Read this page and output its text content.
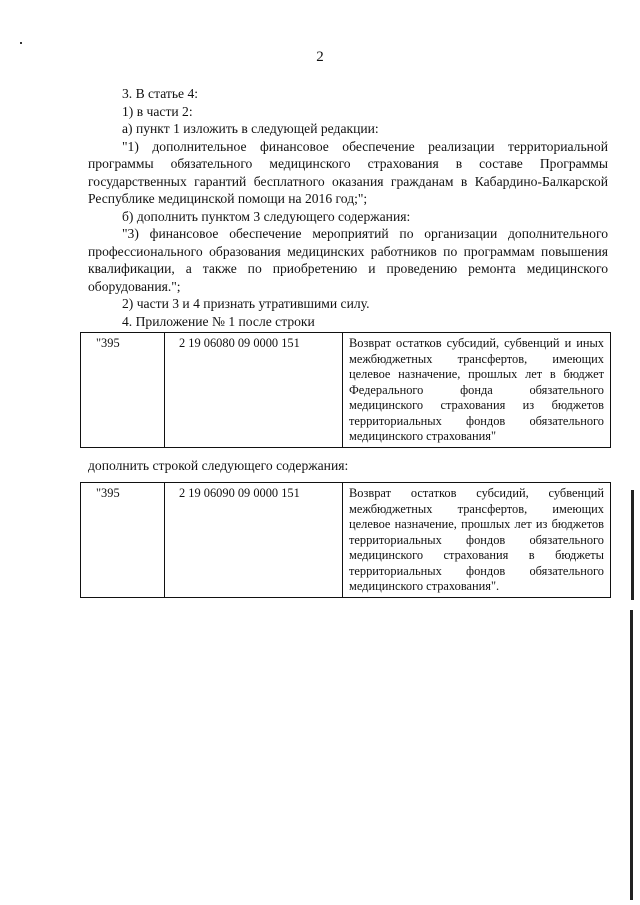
2

3. В статье 4:

1) в части 2:

а) пункт 1 изложить в следующей редакции:

"1) дополнительное финансовое обеспечение реализации территориальной программы обязательного медицинского страхования в составе Программы государственных гарантий бесплатного оказания гражданам в Кабардино-Балкарской Республике медицинской помощи на 2016 год;";

б) дополнить пунктом 3 следующего содержания:

"3) финансовое обеспечение мероприятий по организации дополнительного профессионального образования медицинских работников по программам повышения квалификации, а также по приобретению и проведению ремонта медицинского оборудования.";

2) части 3 и 4 признать утратившими силу.

4. Приложение № 1 после строки

"395	2 19 06080 09 0000 151	Возврат остатков субсидий, субвенций и иных межбюджетных трансфертов, имеющих целевое назначение, прошлых лет в бюджет Федерального фонда обязательного медицинского страхования из бюджетов территориальных фондов обязательного медицинского страхования"
дополнить строкой следующего содержания:
"395	2 19 06090 09 0000 151	Возврат остатков субсидий, субвенций межбюджетных трансфертов, имеющих целевое назначение, прошлых лет из бюджетов территориальных фондов обязательного медицинского страхования в бюджеты территориальных фондов обязательного медицинского страхования".
